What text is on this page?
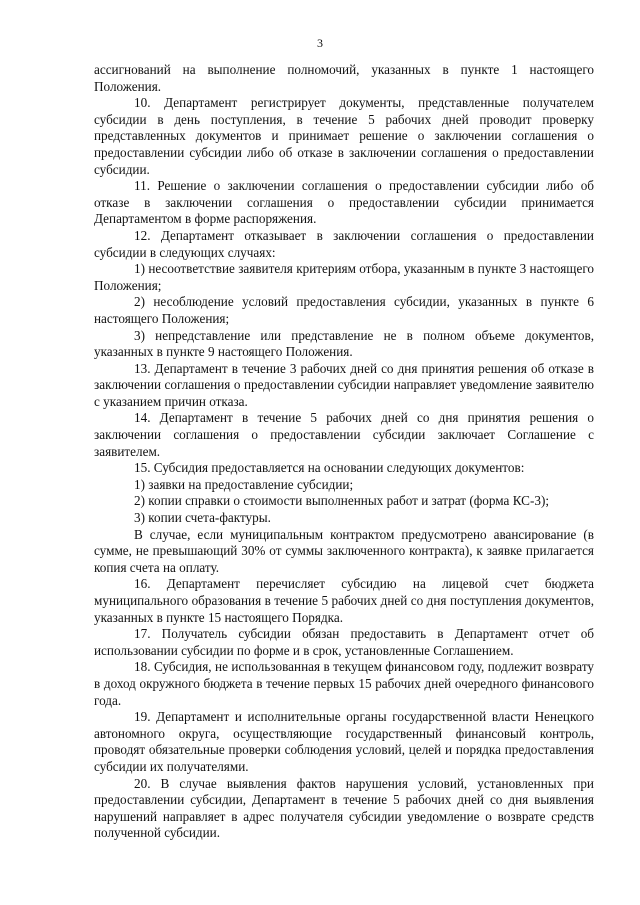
3

ассигнований на выполнение полномочий, указанных в пункте 1 настоящего Положения.

10. Департамент регистрирует документы, представленные получателем субсидии в день поступления, в течение 5 рабочих дней проводит проверку представленных документов и принимает решение о заключении соглашения о предоставлении субсидии либо об отказе в заключении соглашения о предоставлении субсидии.

11. Решение о заключении соглашения о предоставлении субсидии либо об отказе в заключении соглашения о предоставлении субсидии принимается Департаментом в форме распоряжения.

12. Департамент отказывает в заключении соглашения о предоставлении субсидии в следующих случаях:

1) несоответствие заявителя критериям отбора, указанным в пункте 3 настоящего Положения;

2) несоблюдение условий предоставления субсидии, указанных в пункте 6 настоящего Положения;

3) непредставление или представление не в полном объеме документов, указанных в пункте 9 настоящего Положения.

13. Департамент в течение 3 рабочих дней со дня принятия решения об отказе в заключении соглашения о предоставлении субсидии направляет уведомление заявителю с указанием причин отказа.

14. Департамент в течение 5 рабочих дней со дня принятия решения о заключении соглашения о предоставлении субсидии заключает Соглашение с заявителем.

15. Субсидия предоставляется на основании следующих документов:

1) заявки на предоставление субсидии;

2) копии справки о стоимости выполненных работ и затрат (форма КС-3);

3) копии счета-фактуры.

В случае, если муниципальным контрактом предусмотрено авансирование (в сумме, не превышающий 30% от суммы заключенного контракта), к заявке прилагается копия счета на оплату.

16. Департамент перечисляет субсидию на лицевой счет бюджета муниципального образования в течение 5 рабочих дней со дня поступления документов, указанных в пункте 15 настоящего Порядка.

17. Получатель субсидии обязан предоставить в Департамент отчет об использовании субсидии по форме и в срок, установленные Соглашением.

18. Субсидия, не использованная в текущем финансовом году, подлежит возврату в доход окружного бюджета в течение первых 15 рабочих дней очередного финансового года.

19. Департамент и исполнительные органы государственной власти Ненецкого автономного округа, осуществляющие государственный финансовый контроль, проводят обязательные проверки соблюдения условий, целей и порядка предоставления субсидии их получателями.

20. В случае выявления фактов нарушения условий, установленных при предоставлении субсидии, Департамент в течение 5 рабочих дней со дня выявления нарушений направляет в адрес получателя субсидии уведомление о возврате средств полученной субсидии.
